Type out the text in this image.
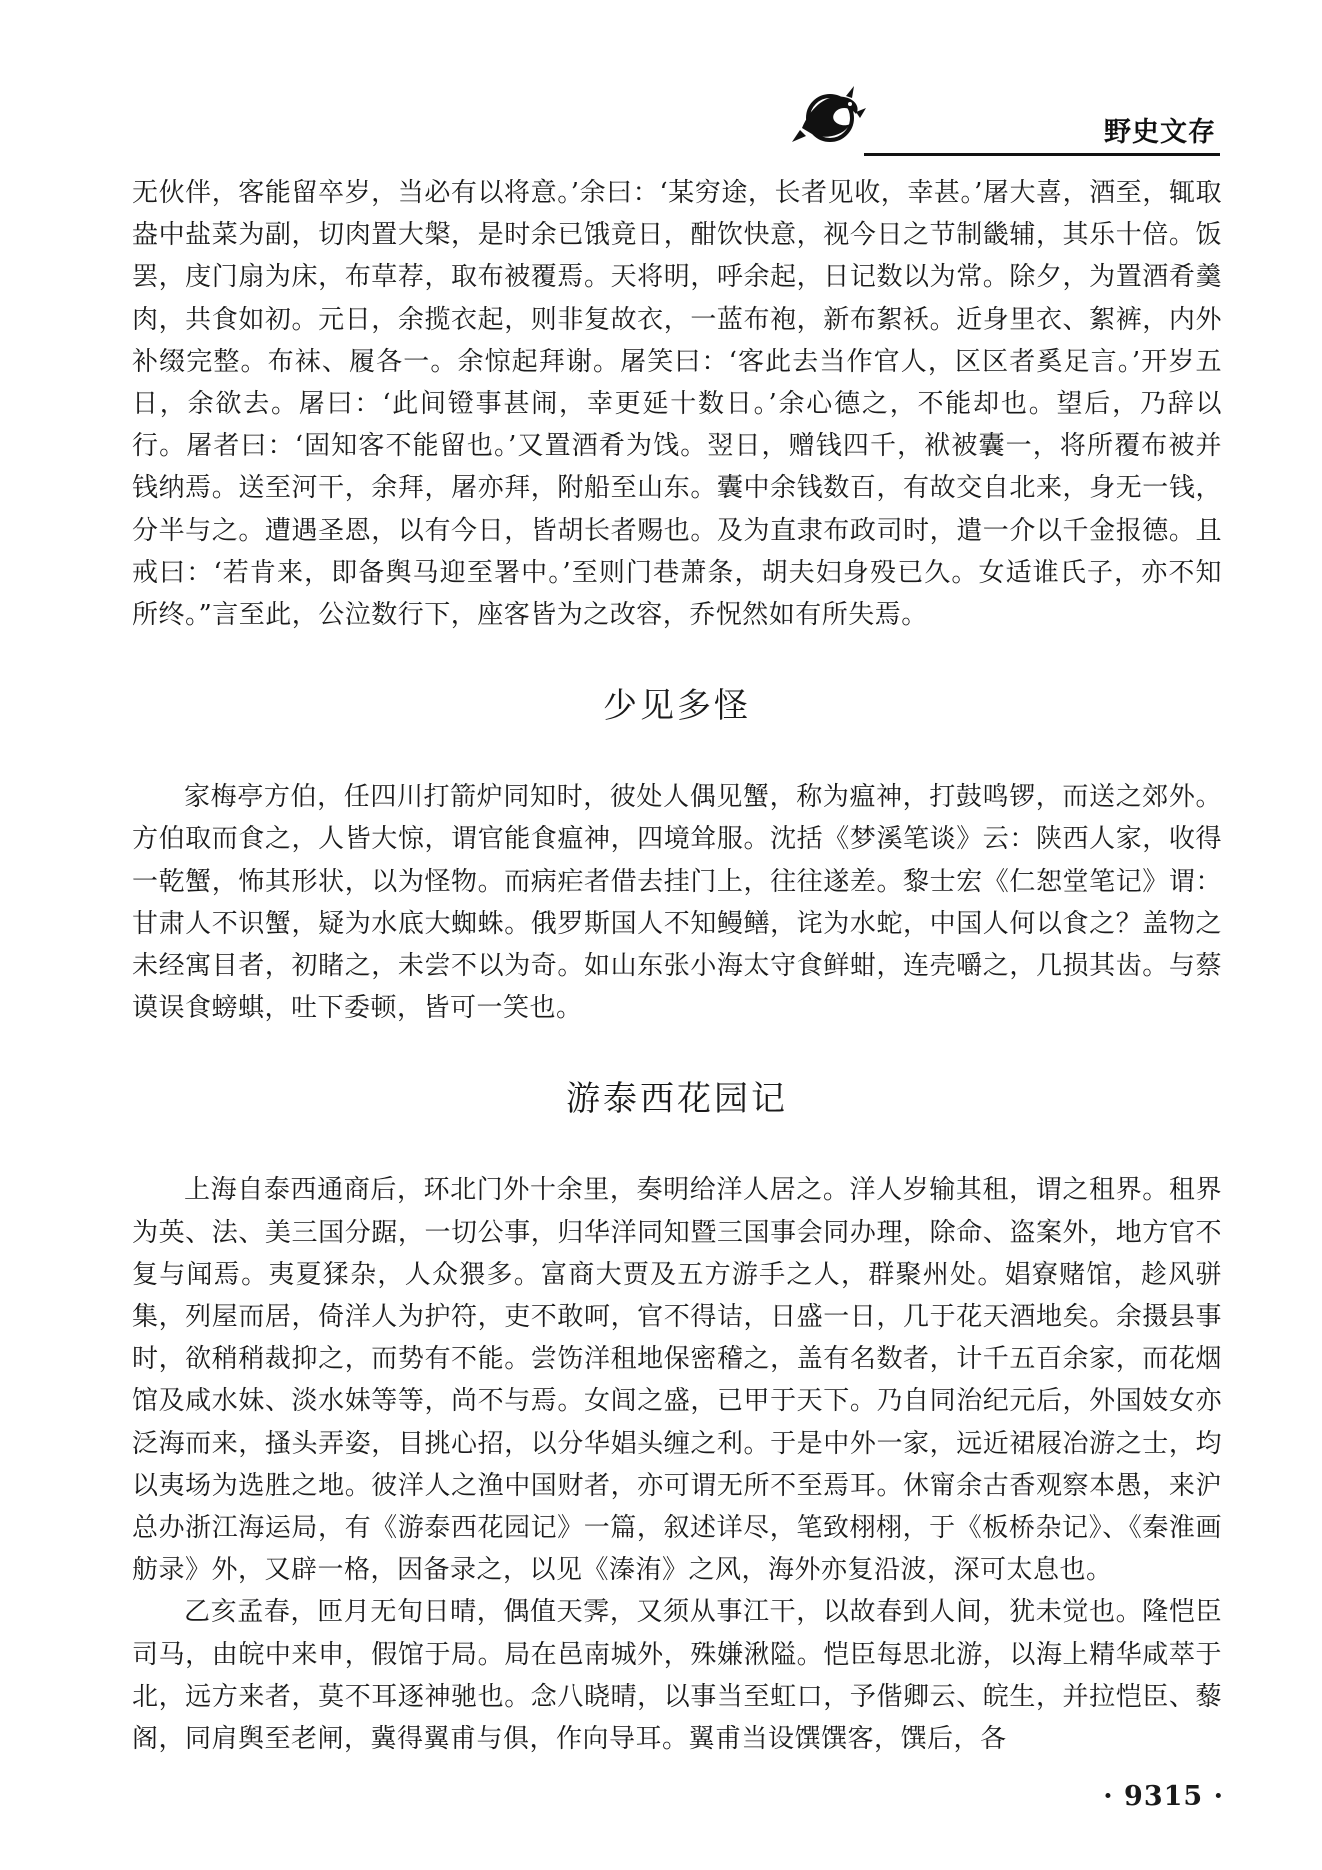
野史文存

无伙伴，客能留卒岁，当必有以将意。’余曰：‘某穷途，长者见收，幸甚。’屠大喜，酒至，辄取盎中盐菜为副，切肉置大槃，是时余已饿竟日，酣饮快意，视今日之节制畿辅，其乐十倍。饭罢，庋门扇为床，布草荐，取布被覆焉。天将明，呼余起，日记数以为常。除夕，为置酒肴羹肉，共食如初。元日，余揽衣起，则非复故衣，一蓝布袍，新布絮袄。近身里衣、絮裤，内外补缀完整。布袜、履各一。余惊起拜谢。屠笑曰：‘客此去当作官人，区区者奚足言。’开岁五日，余欲去。屠曰：‘此间镫事甚闹，幸更延十数日。’余心德之，不能却也。望后，乃辞以行。屠者曰：‘固知客不能留也。’又置酒肴为饯。翌日，赠钱四千，袱被囊一，将所覆布被并钱纳焉。送至河干，余拜，屠亦拜，附船至山东。囊中余钱数百，有故交自北来，身无一钱，分半与之。遭遇圣恩，以有今日，皆胡长者赐也。及为直隶布政司时，遣一介以千金报德。且戒曰：‘若肯来，即备舆马迎至署中。’至则门巷萧条，胡夫妇身殁已久。女适谁氏子，亦不知所终。”言至此，公泣数行下，座客皆为之改容，乔怳然如有所失焉。

少见多怪

家梅亭方伯，任四川打箭炉同知时，彼处人偶见蟹，称为瘟神，打鼓鸣锣，而送之郊外。方伯取而食之，人皆大惊，谓官能食瘟神，四境耸服。沈括《梦溪笔谈》云：陕西人家，收得一乾蟹，怖其形状，以为怪物。而病疟者借去挂门上，往往遂差。黎士宏《仁恕堂笔记》谓：甘肃人不识蟹，疑为水底大蜘蛛。俄罗斯国人不知鳗鳝，诧为水蛇，中国人何以食之？盖物之未经寓目者，初睹之，未尝不以为奇。如山东张小海太守食鲜蚶，连壳嚼之，几损其齿。与蔡谟误食螃蜞，吐下委顿，皆可一笑也。

游泰西花园记

上海自泰西通商后，环北门外十余里，奏明给洋人居之。洋人岁输其租，谓之租界。租界为英、法、美三国分踞，一切公事，归华洋同知暨三国事会同办理，除命、盗案外，地方官不复与闻焉。夷夏猱杂，人众猥多。富商大贾及五方游手之人，群聚州处。娼寮赌馆，趁风骈集，列屋而居，倚洋人为护符，吏不敢呵，官不得诘，日盛一日，几于花天酒地矣。余摄县事时，欲稍稍裁抑之，而势有不能。尝饬洋租地保密稽之，盖有名数者，计千五百余家，而花烟馆及咸水妹、淡水妹等等，尚不与焉。女闾之盛，已甲于天下。乃自同治纪元后，外国妓女亦泛海而来，搔头弄姿，目挑心招，以分华娼头缠之利。于是中外一家，远近裙屐冶游之士，均以夷场为选胜之地。彼洋人之渔中国财者，亦可谓无所不至焉耳。休甯余古香观察本愚，来沪总办浙江海运局，有《游泰西花园记》一篇，叙述详尽，笔致栩栩，于《板桥杂记》、《秦淮画舫录》外，又辟一格，因备录之，以见《溱洧》之风，海外亦复沿波，深可太息也。

乙亥孟春，匝月无旬日晴，偶值天霁，又须从事江干，以故春到人间，犹未觉也。隆恺臣司马，由皖中来申，假馆于局。局在邑南城外，殊嫌湫隘。恺臣每思北游，以海上精华咸萃于北，远方来者，莫不耳逐神驰也。念八晓晴，以事当至虹口，予偕卿云、皖生，并拉恺臣、藜阁，同肩舆至老闸，冀得翼甫与俱，作向导耳。翼甫当设馔馔客，馔后，各

· 9315 ·
